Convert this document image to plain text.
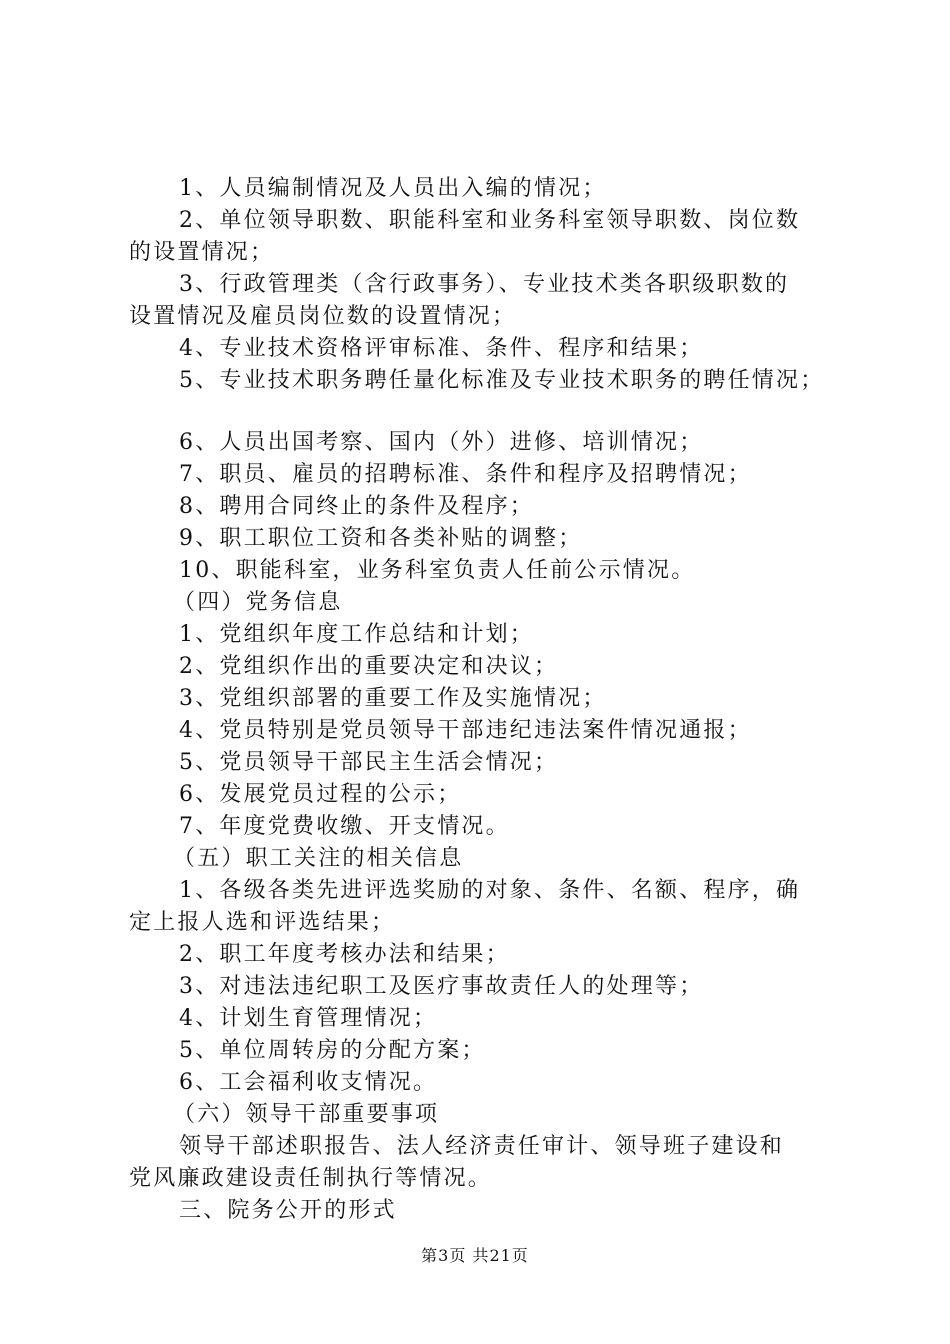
1、人员编制情况及人员出入编的情况；
2、单位领导职数、职能科室和业务科室领导职数、岗位数
的设置情况；
3、行政管理类（含行政事务）、专业技术类各职级职数的
设置情况及雇员岗位数的设置情况；
4、专业技术资格评审标准、条件、程序和结果；
5、专业技术职务聘任量化标准及专业技术职务的聘任情况；
6、人员出国考察、国内（外）进修、培训情况；
7、职员、雇员的招聘标准、条件和程序及招聘情况；
8、聘用合同终止的条件及程序；
9、职工职位工资和各类补贴的调整；
10、职能科室，业务科室负责人任前公示情况。
（四）党务信息
1、党组织年度工作总结和计划；
2、党组织作出的重要决定和决议；
3、党组织部署的重要工作及实施情况；
4、党员特别是党员领导干部违纪违法案件情况通报；
5、党员领导干部民主生活会情况；
6、发展党员过程的公示；
7、年度党费收缴、开支情况。
（五）职工关注的相关信息
1、各级各类先进评选奖励的对象、条件、名额、程序，确
定上报人选和评选结果；
2、职工年度考核办法和结果；
3、对违法违纪职工及医疗事故责任人的处理等；
4、计划生育管理情况；
5、单位周转房的分配方案；
6、工会福利收支情况。
（六）领导干部重要事项
领导干部述职报告、法人经济责任审计、领导班子建设和
党风廉政建设责任制执行等情况。
三、院务公开的形式
第3页 共21页
